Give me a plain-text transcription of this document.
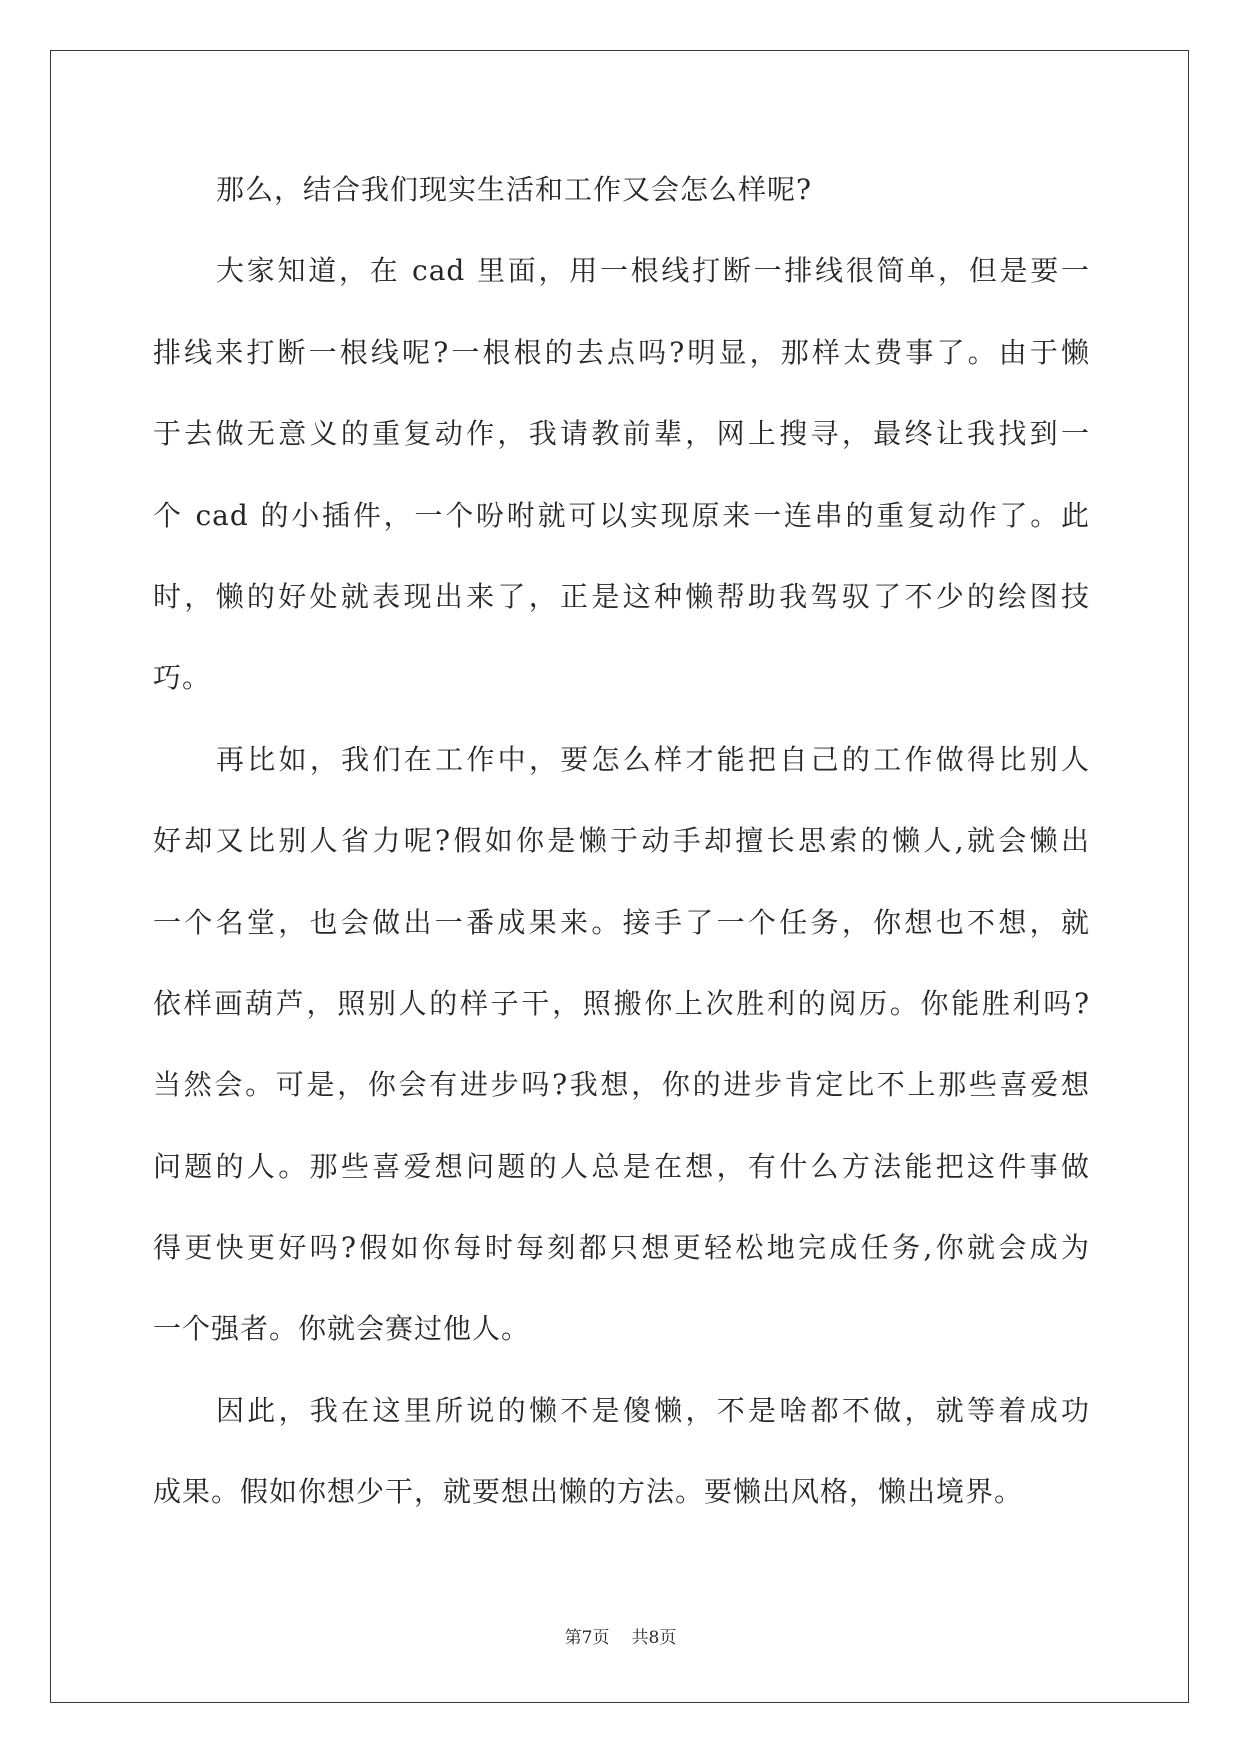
那么，结合我们现实生活和工作又会怎么样呢?
大家知道，在 cad 里面，用一根线打断一排线很简单，但是要一
排线来打断一根线呢?一根根的去点吗?明显，那样太费事了。由于懒
于去做无意义的重复动作，我请教前辈，网上搜寻，最终让我找到一
个 cad 的小插件，一个吩咐就可以实现原来一连串的重复动作了。此
时，懒的好处就表现出来了，正是这种懒帮助我驾驭了不少的绘图技
巧。
再比如，我们在工作中，要怎么样才能把自己的工作做得比别人
好却又比别人省力呢?假如你是懒于动手却擅长思索的懒人,就会懒出
一个名堂，也会做出一番成果来。接手了一个任务，你想也不想，就
依样画葫芦，照别人的样子干，照搬你上次胜利的阅历。你能胜利吗?
当然会。可是，你会有进步吗?我想，你的进步肯定比不上那些喜爱想
问题的人。那些喜爱想问题的人总是在想，有什么方法能把这件事做
得更快更好吗?假如你每时每刻都只想更轻松地完成任务,你就会成为
一个强者。你就会赛过他人。
因此，我在这里所说的懒不是傻懒，不是啥都不做，就等着成功
成果。假如你想少干，就要想出懒的方法。要懒出风格，懒出境界。
第7页 共8页
